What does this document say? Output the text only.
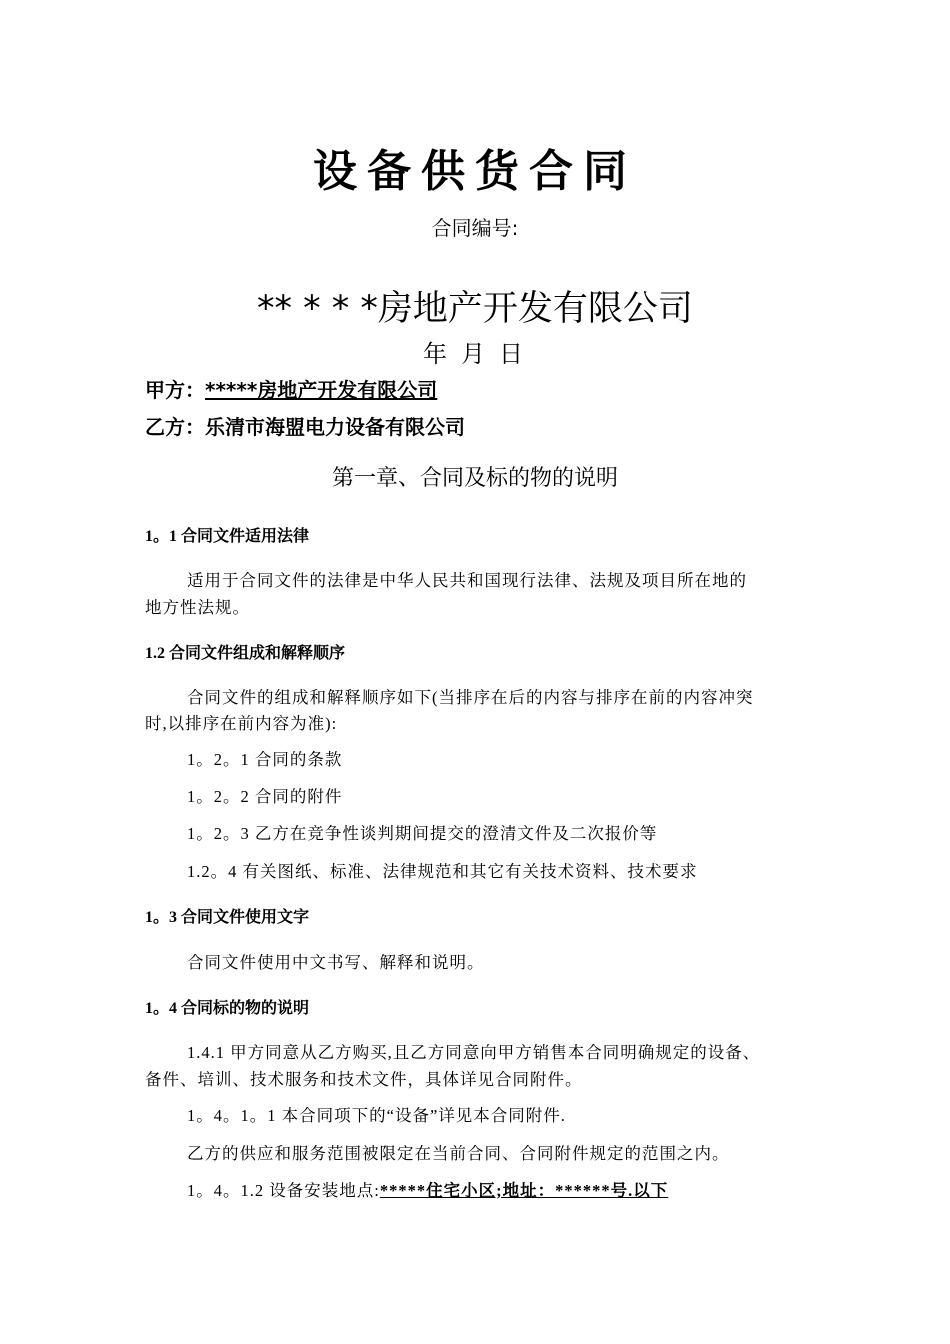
设备供货合同
合同编号:
** * * *房地产开发有限公司
年 月 日
甲方：*****房地产开发有限公司
乙方：乐清市海盟电力设备有限公司
第一章、合同及标的物的说明
1。1 合同文件适用法律
适用于合同文件的法律是中华人民共和国现行法律、法规及项目所在地的
地方性法规。
1.2 合同文件组成和解释顺序
合同文件的组成和解释顺序如下(当排序在后的内容与排序在前的内容冲突
时,以排序在前内容为准):
1。2。1 合同的条款
1。2。2 合同的附件
1。2。3 乙方在竞争性谈判期间提交的澄清文件及二次报价等
1.2。4 有关图纸、标准、法律规范和其它有关技术资料、技术要求
1。3 合同文件使用文字
合同文件使用中文书写、解释和说明。
1。4 合同标的物的说明
1.4.1 甲方同意从乙方购买,且乙方同意向甲方销售本合同明确规定的设备、
备件、培训、技术服务和技术文件，具体详见合同附件。
1。4。1。1 本合同项下的“设备”详见本合同附件.
乙方的供应和服务范围被限定在当前合同、合同附件规定的范围之内。
1。4。1.2 设备安装地点:*****住宅小区;地址：******号.以下
